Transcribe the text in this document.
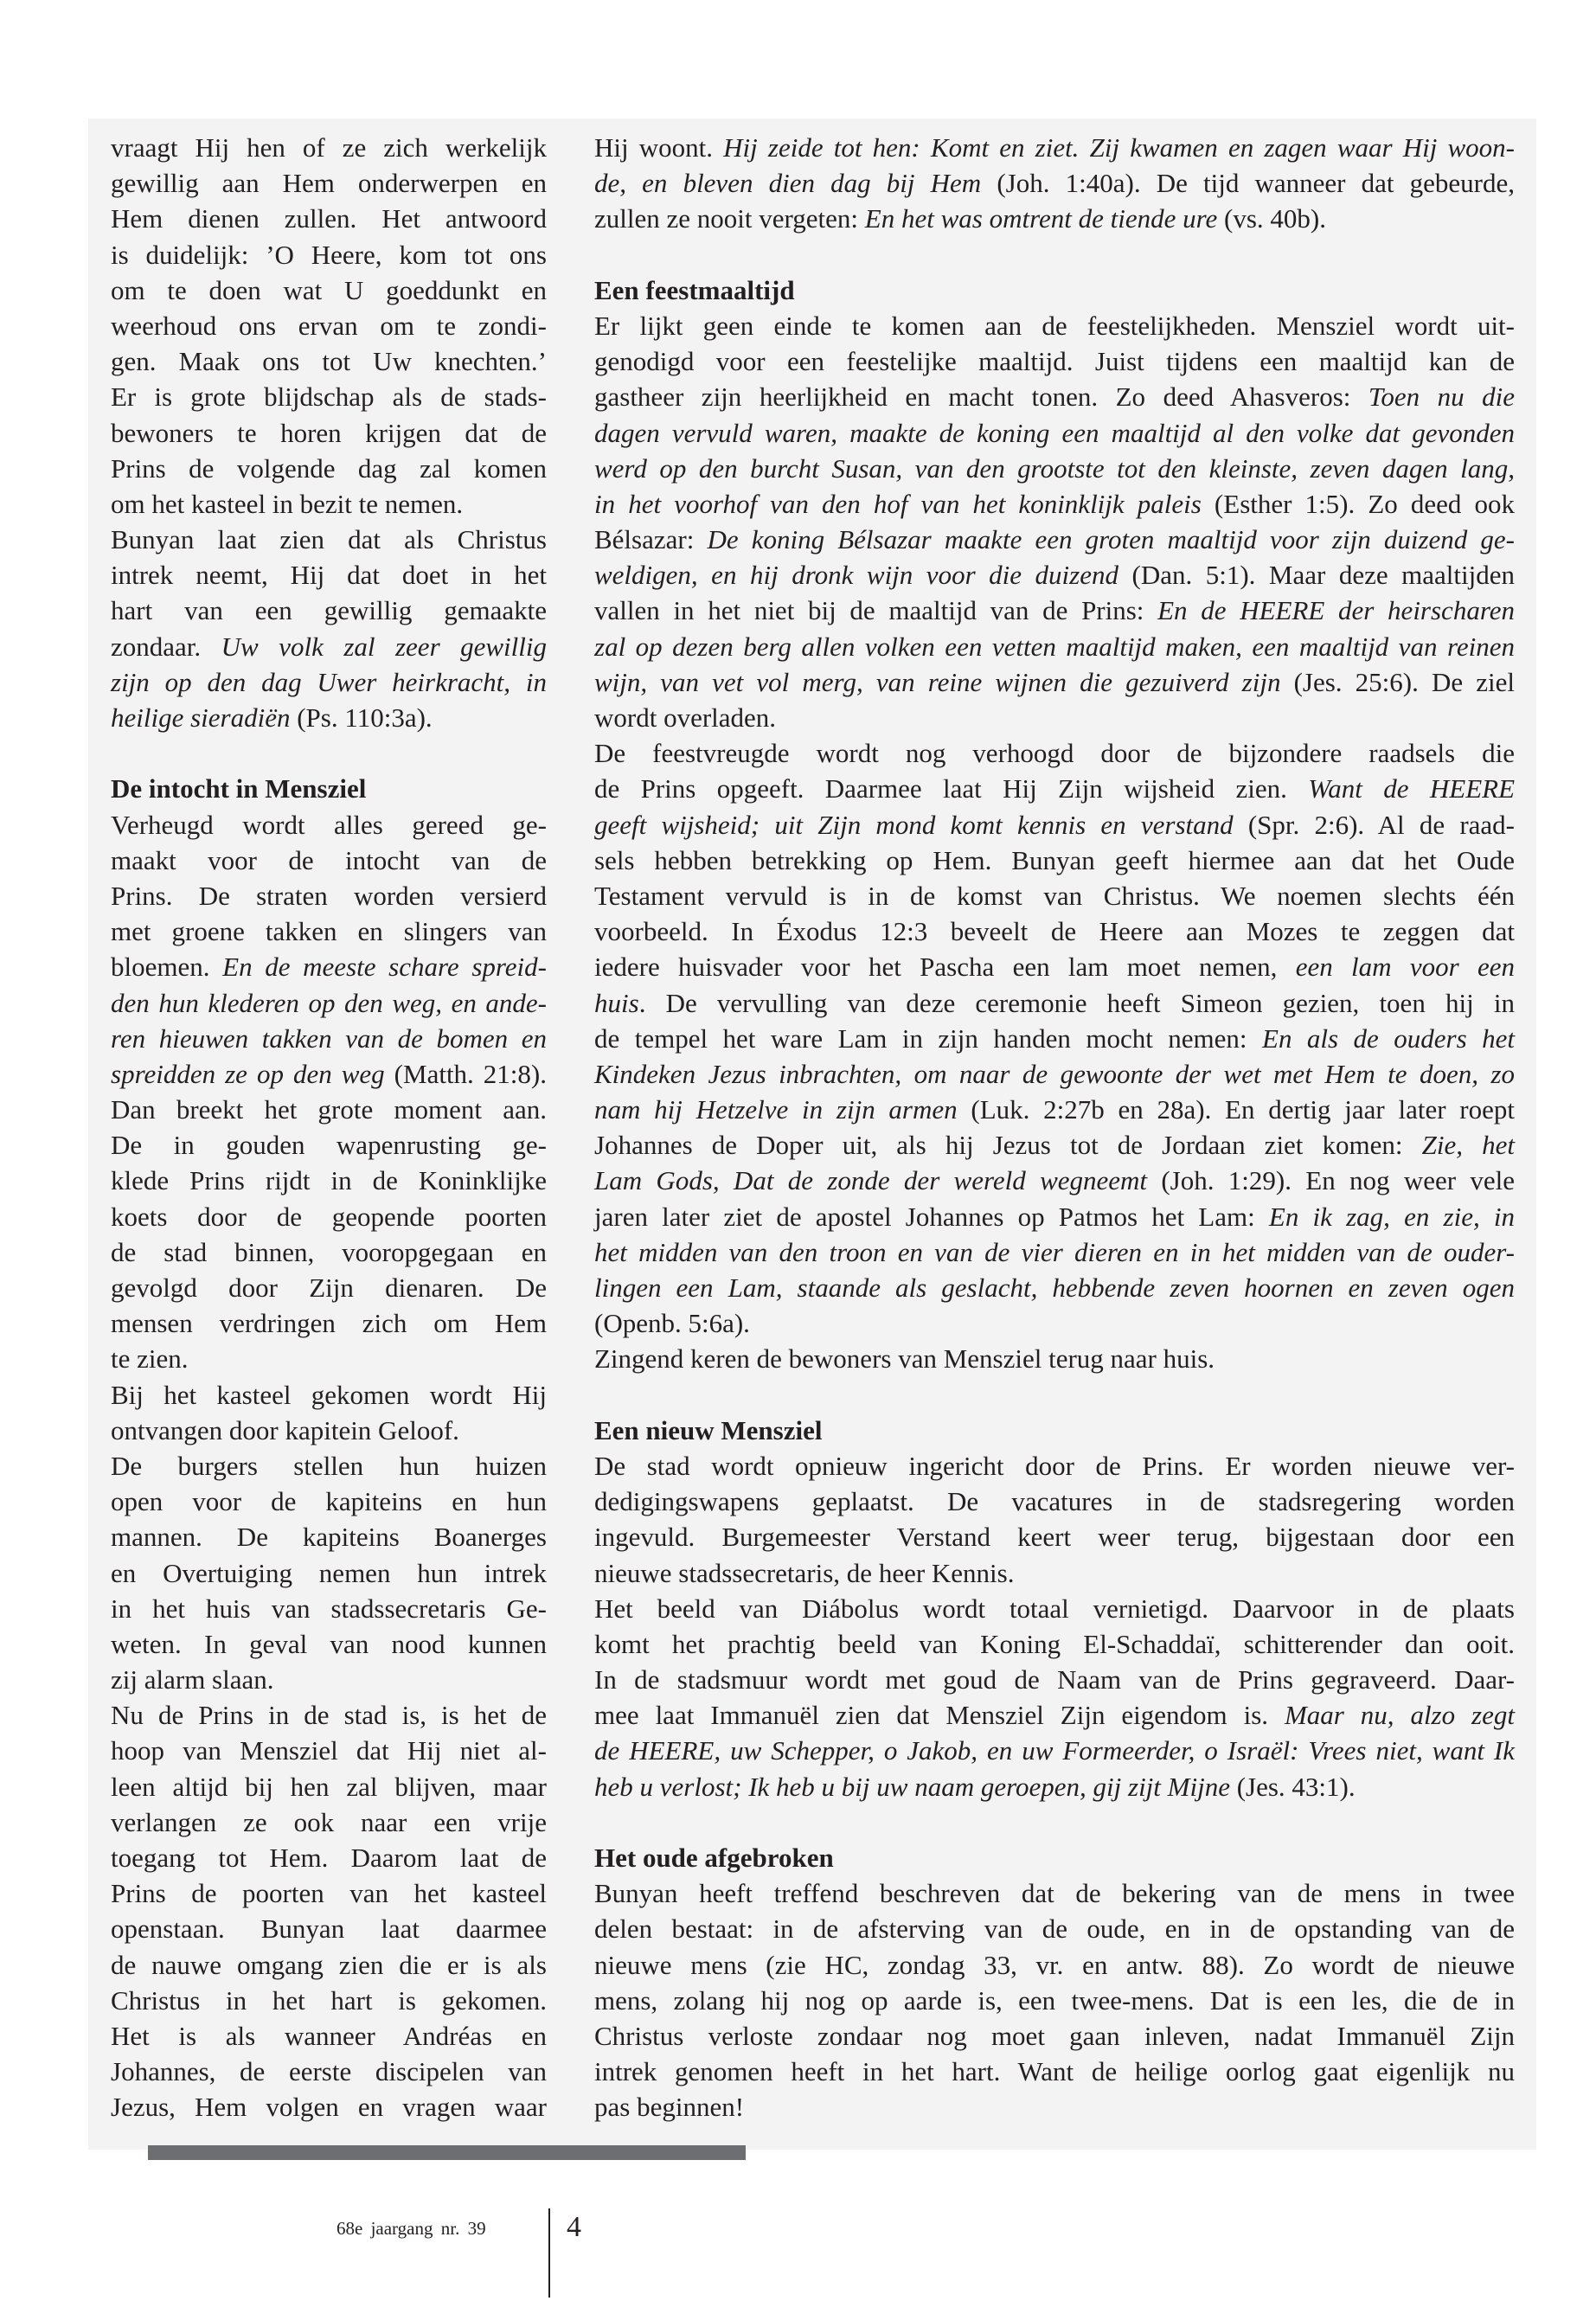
vraagt Hij hen of ze zich werkelijk
gewillig aan Hem onderwerpen en
Hem dienen zullen. Het antwoord
is duidelijk: ’O Heere, kom tot ons
om te doen wat U goeddunkt en
weerhoud ons ervan om te zondi-
gen. Maak ons tot Uw knechten.’
Er is grote blijdschap als de stads-
bewoners te horen krijgen dat de
Prins de volgende dag zal komen
om het kasteel in bezit te nemen.
Bunyan laat zien dat als Christus
intrek neemt, Hij dat doet in het
hart van een gewillig gemaakte
zondaar. Uw volk zal zeer gewillig
zijn op den dag Uwer heirkracht, in
heilige sieradiën (Ps. 110:3a).
De intocht in Mensziel
Verheugd wordt alles gereed ge-
maakt voor de intocht van de
Prins. De straten worden versierd
met groene takken en slingers van
bloemen. En de meeste schare spreid-
den hun klederen op den weg, en ande-
ren hieuwen takken van de bomen en
spreidden ze op den weg (Matth. 21:8).
Dan breekt het grote moment aan.
De in gouden wapenrusting ge-
klede Prins rijdt in de Koninklijke
koets door de geopende poorten
de stad binnen, vooropgegaan en
gevolgd door Zijn dienaren. De
mensen verdringen zich om Hem
te zien.
Bij het kasteel gekomen wordt Hij
ontvangen door kapitein Geloof.
De burgers stellen hun huizen
open voor de kapiteins en hun
mannen. De kapiteins Boanerges
en Overtuiging nemen hun intrek
in het huis van stadssecretaris Ge-
weten. In geval van nood kunnen
zij alarm slaan.
Nu de Prins in de stad is, is het de
hoop van Mensziel dat Hij niet al-
leen altijd bij hen zal blijven, maar
verlangen ze ook naar een vrije
toegang tot Hem. Daarom laat de
Prins de poorten van het kasteel
openstaan. Bunyan laat daarmee
de nauwe omgang zien die er is als
Christus in het hart is gekomen.
Het is als wanneer Andréas en
Johannes, de eerste discipelen van
Jezus, Hem volgen en vragen waar
Hij woont. Hij zeide tot hen: Komt en ziet. Zij kwamen en zagen waar Hij woon-
de, en bleven dien dag bij Hem (Joh. 1:40a). De tijd wanneer dat gebeurde,
zullen ze nooit vergeten: En het was omtrent de tiende ure (vs. 40b).
Een feestmaaltijd
Er lijkt geen einde te komen aan de feestelijkheden. Mensziel wordt uit-
genodigd voor een feestelijke maaltijd. Juist tijdens een maaltijd kan de
gastheer zijn heerlijkheid en macht tonen. Zo deed Ahasveros: Toen nu die
dagen vervuld waren, maakte de koning een maaltijd al den volke dat gevonden
werd op den burcht Susan, van den grootste tot den kleinste, zeven dagen lang,
in het voorhof van den hof van het koninklijk paleis (Esther 1:5). Zo deed ook
Bélsazar: De koning Bélsazar maakte een groten maaltijd voor zijn duizend ge-
weldigen, en hij dronk wijn voor die duizend (Dan. 5:1). Maar deze maaltijden
vallen in het niet bij de maaltijd van de Prins: En de HEERE der heirscharen
zal op dezen berg allen volken een vetten maaltijd maken, een maaltijd van reinen
wijn, van vet vol merg, van reine wijnen die gezuiverd zijn (Jes. 25:6). De ziel
wordt overladen.
De feestvreugde wordt nog verhoogd door de bijzondere raadsels die
de Prins opgeeft. Daarmee laat Hij Zijn wijsheid zien. Want de HEERE
geeft wijsheid; uit Zijn mond komt kennis en verstand (Spr. 2:6). Al de raad-
sels hebben betrekking op Hem. Bunyan geeft hiermee aan dat het Oude
Testament vervuld is in de komst van Christus. We noemen slechts één
voorbeeld. In Éxodus 12:3 beveelt de Heere aan Mozes te zeggen dat
iedere huisvader voor het Pascha een lam moet nemen, een lam voor een
huis. De vervulling van deze ceremonie heeft Simeon gezien, toen hij in
de tempel het ware Lam in zijn handen mocht nemen: En als de ouders het
Kindeken Jezus inbrachten, om naar de gewoonte der wet met Hem te doen, zo
nam hij Hetzelve in zijn armen (Luk. 2:27b en 28a). En dertig jaar later roept
Johannes de Doper uit, als hij Jezus tot de Jordaan ziet komen: Zie, het
Lam Gods, Dat de zonde der wereld wegneemt (Joh. 1:29). En nog weer vele
jaren later ziet de apostel Johannes op Patmos het Lam: En ik zag, en zie, in
het midden van den troon en van de vier dieren en in het midden van de ouder-
lingen een Lam, staande als geslacht, hebbende zeven hoornen en zeven ogen
(Openb. 5:6a).
Zingend keren de bewoners van Mensziel terug naar huis.
Een nieuw Mensziel
De stad wordt opnieuw ingericht door de Prins. Er worden nieuwe ver-
dedigingswapens geplaatst. De vacatures in de stadsregering worden
ingevuld. Burgemeester Verstand keert weer terug, bijgestaan door een
nieuwe stadssecretaris, de heer Kennis.
Het beeld van Diábolus wordt totaal vernietigd. Daarvoor in de plaats
komt het prachtig beeld van Koning El-Schaddaï, schitterender dan ooit.
In de stadsmuur wordt met goud de Naam van de Prins gegraveerd. Daar-
mee laat Immanuël zien dat Mensziel Zijn eigendom is. Maar nu, alzo zegt
de HEERE, uw Schepper, o Jakob, en uw Formeerder, o Israël: Vrees niet, want Ik
heb u verlost; Ik heb u bij uw naam geroepen, gij zijt Mijne (Jes. 43:1).
Het oude afgebroken
Bunyan heeft treffend beschreven dat de bekering van de mens in twee
delen bestaat: in de afsterving van de oude, en in de opstanding van de
nieuwe mens (zie HC, zondag 33, vr. en antw. 88). Zo wordt de nieuwe
mens, zolang hij nog op aarde is, een twee-mens. Dat is een les, die de in
Christus verloste zondaar nog moet gaan inleven, nadat Immanuël Zijn
intrek genomen heeft in het hart. Want de heilige oorlog gaat eigenlijk nu
pas beginnen!
68e jaargang nr. 39	4
